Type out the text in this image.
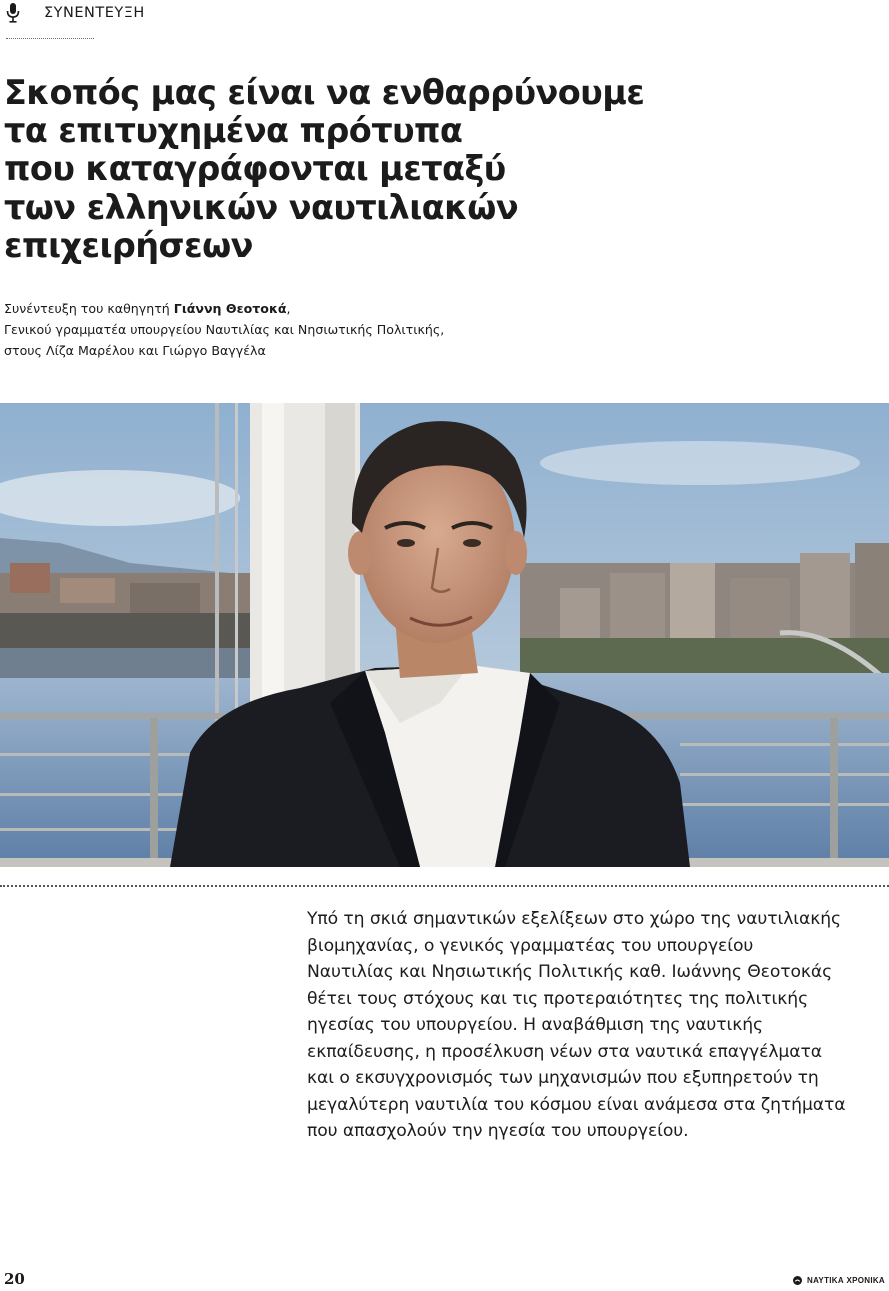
ΣΥΝΕΝΤΕΥΞΗ
Σκοπός μας είναι να ενθαρρύνουμε
τα επιτυχημένα πρότυπα
που καταγράφονται μεταξύ
των ελληνικών ναυτιλιακών
επιχειρήσεων
Συνέντευξη του καθηγητή Γιάννη Θεοτοκά,
Γενικού γραμματέα υπουργείου Ναυτιλίας και Νησιωτικής Πολιτικής,
στους Λίζα Μαρέλου και Γιώργο Βαγγέλα
Υπό τη σκιά σημαντικών εξελίξεων στο χώρο της ναυτιλιακής
βιομηχανίας, ο γενικός γραμματέας του υπουργείου
Ναυτιλίας και Νησιωτικής Πολιτικής καθ. Ιωάννης Θεοτοκάς
θέτει τους στόχους και τις προτεραιότητες της πολιτικής
ηγεσίας του υπουργείου. Η αναβάθμιση της ναυτικής
εκπαίδευσης, η προσέλκυση νέων στα ναυτικά επαγγέλματα
και ο εκσυγχρονισμός των μηχανισμών που εξυπηρετούν τη
μεγαλύτερη ναυτιλία του κόσμου είναι ανάμεσα στα ζητήματα
που απασχολούν την ηγεσία του υπουργείου.
20	ΝΑΥΤΙΚΑ ΧΡΟΝΙΚΑ
